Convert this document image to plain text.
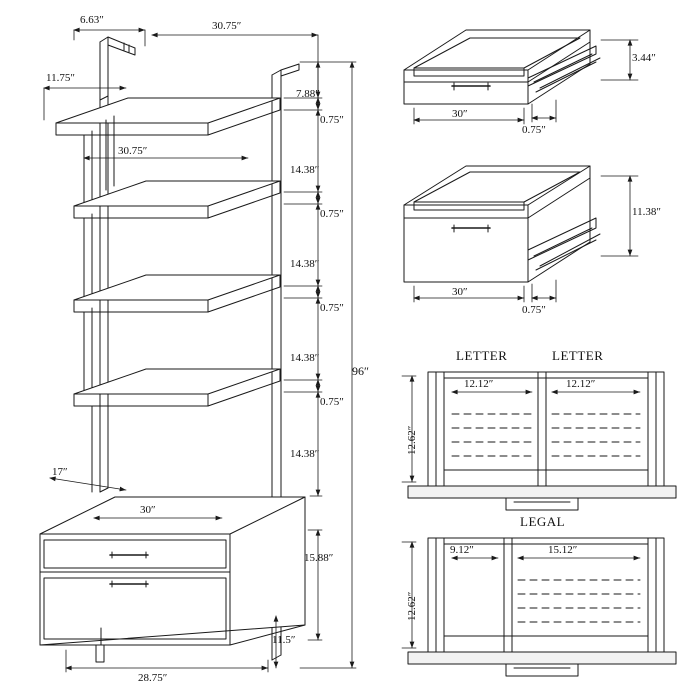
6.63″	30.75″
11.75″
7.88″
0.75″
30.75″
14.38″
0.75″
14.38″
0.75″
14.38″
0.75″
14.38″
96″
17″
30″
15.88″
11.5″
28.75″
3.44″
30″
0.75″
11.38″
30″
0.75″
LETTER	LETTER
12.12″	12.12″
12.62″
LEGAL
9.12″	15.12″
12.62″
